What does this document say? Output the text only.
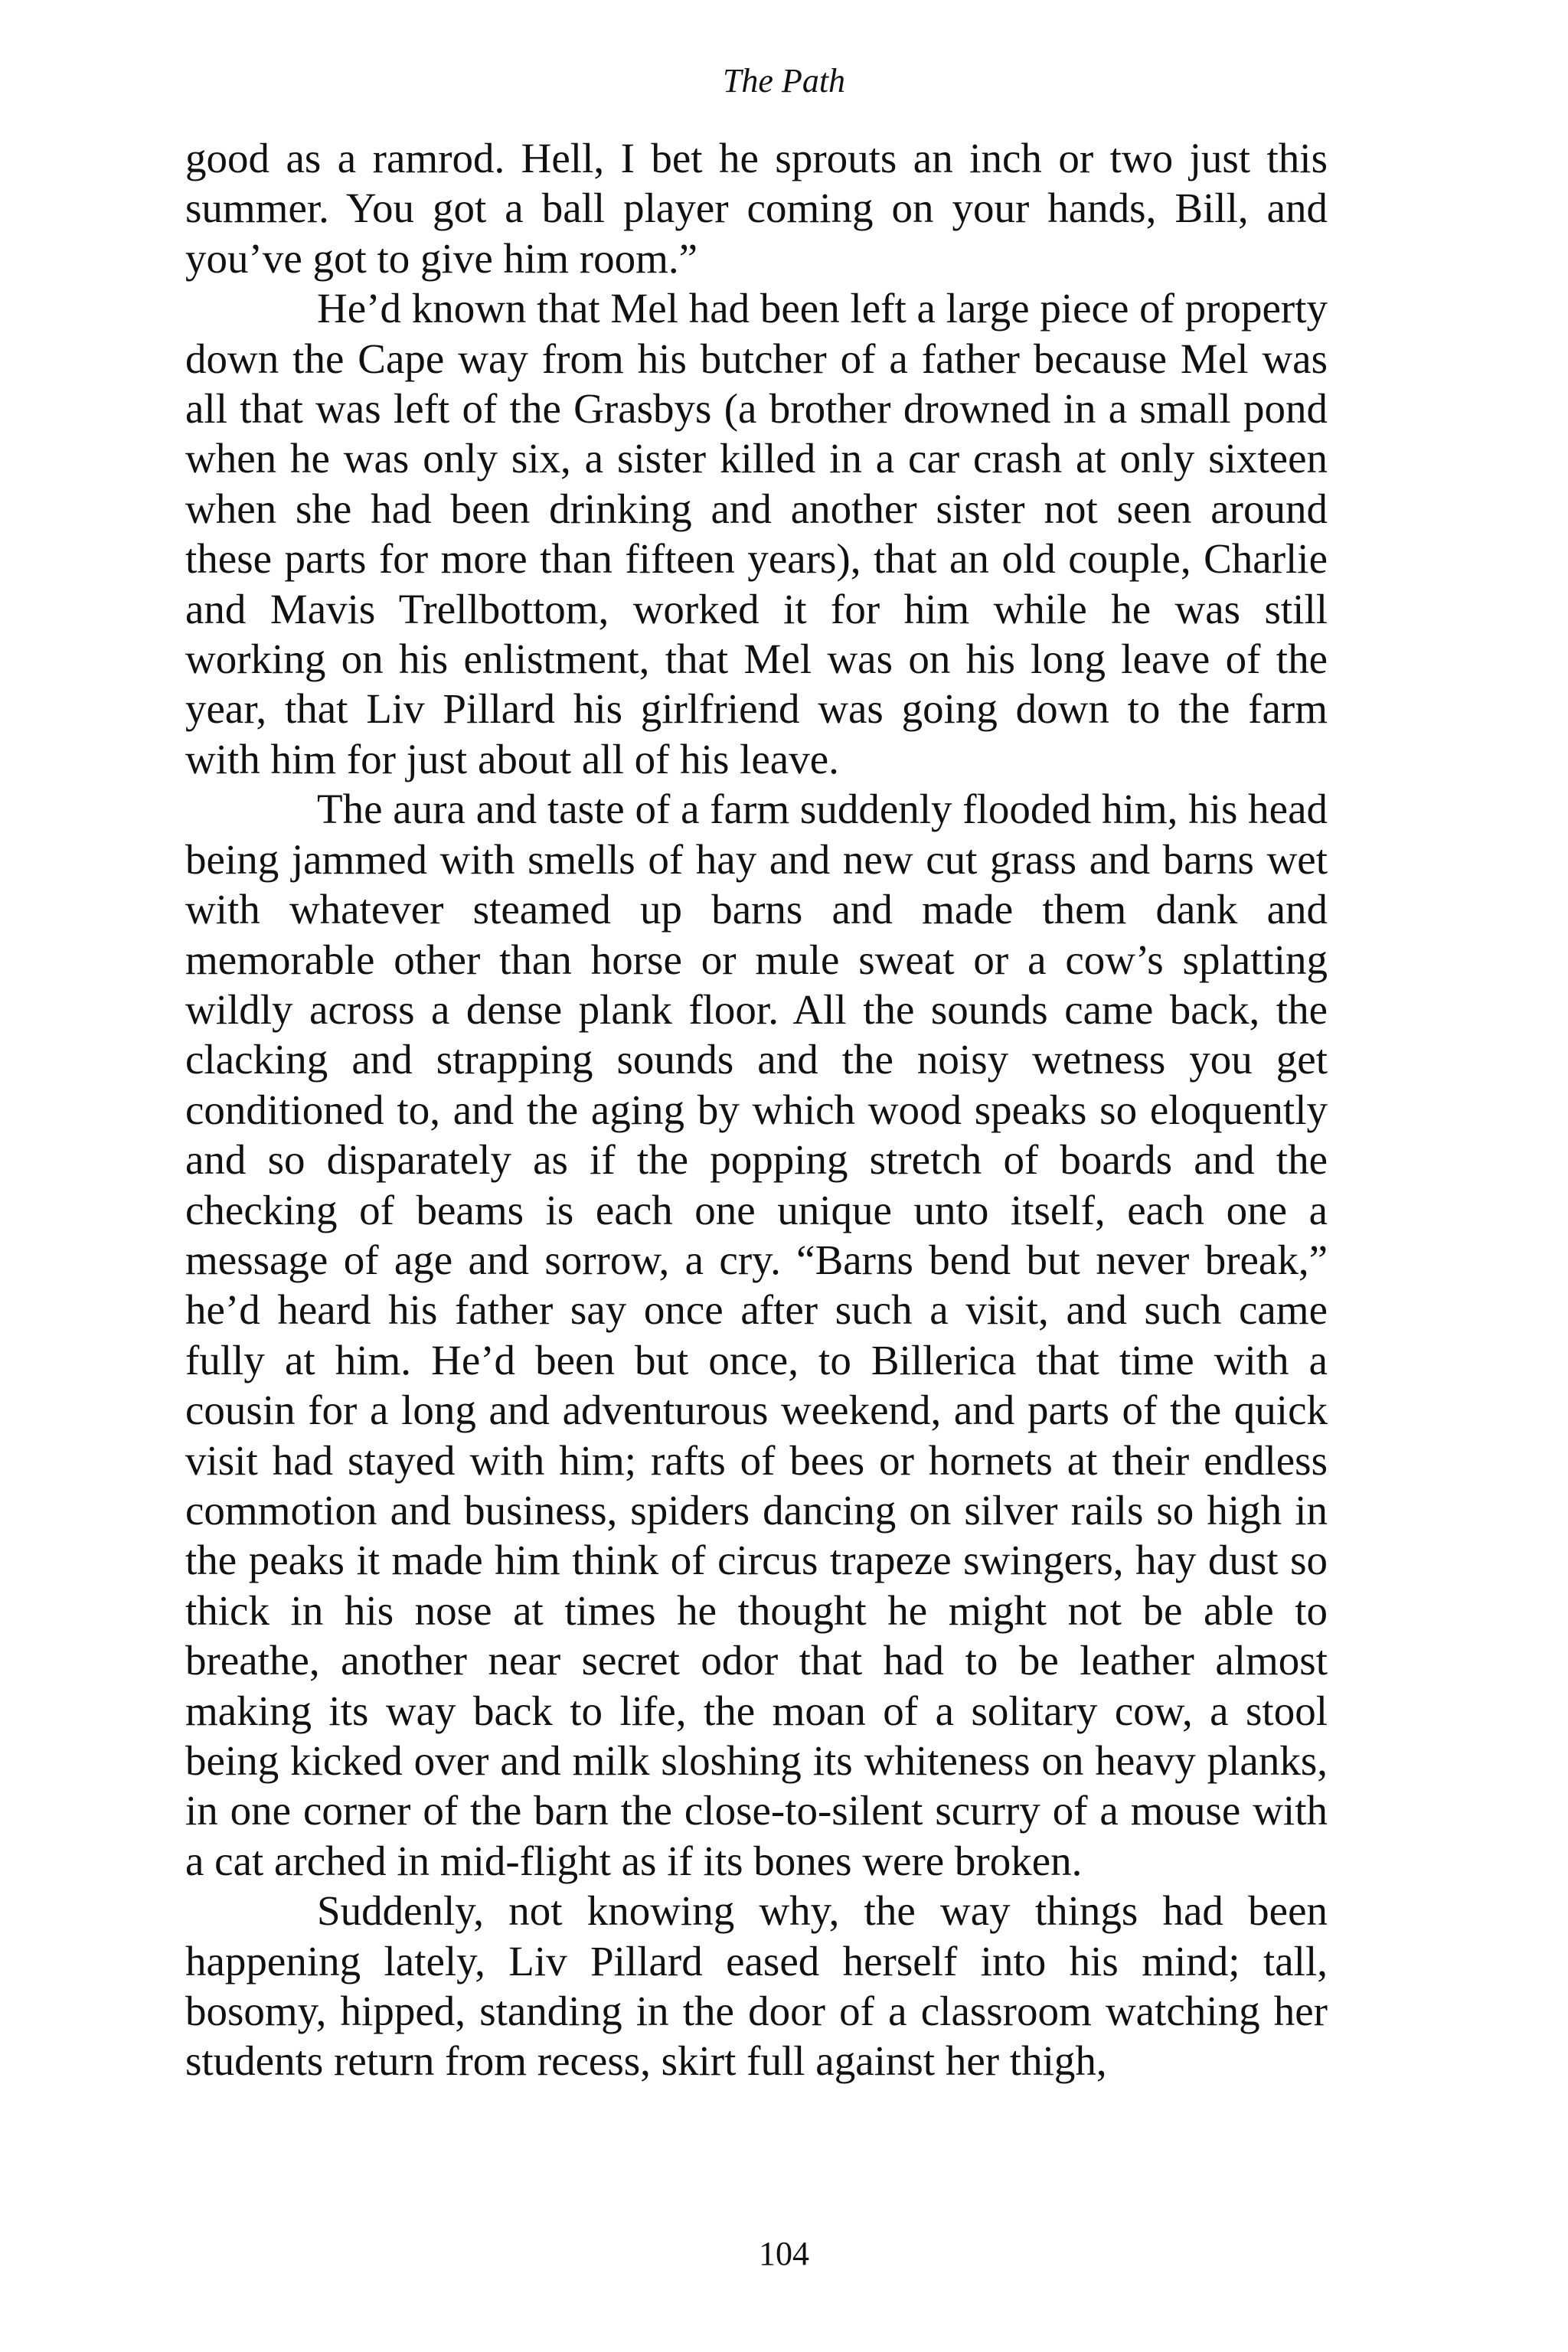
The Path

good as a ramrod. Hell, I bet he sprouts an inch or two just this summer. You got a ball player coming on your hands, Bill, and you’ve got to give him room.”

He’d known that Mel had been left a large piece of property down the Cape way from his butcher of a father because Mel was all that was left of the Grasbys (a brother drowned in a small pond when he was only six, a sister killed in a car crash at only sixteen when she had been drinking and another sister not seen around these parts for more than fifteen years), that an old couple, Charlie and Mavis Trellbottom, worked it for him while he was still working on his enlistment, that Mel was on his long leave of the year, that Liv Pillard his girlfriend was going down to the farm with him for just about all of his leave.

The aura and taste of a farm suddenly flooded him, his head being jammed with smells of hay and new cut grass and barns wet with whatever steamed up barns and made them dank and memorable other than horse or mule sweat or a cow’s splatting wildly across a dense plank floor. All the sounds came back, the clacking and strapping sounds and the noisy wetness you get conditioned to, and the aging by which wood speaks so eloquently and so disparately as if the popping stretch of boards and the checking of beams is each one unique unto itself, each one a message of age and sorrow, a cry. “Barns bend but never break,” he’d heard his father say once after such a visit, and such came fully at him. He’d been but once, to Billerica that time with a cousin for a long and adventurous weekend, and parts of the quick visit had stayed with him; rafts of bees or hornets at their endless commotion and business, spiders dancing on silver rails so high in the peaks it made him think of circus trapeze swingers, hay dust so thick in his nose at times he thought he might not be able to breathe, another near secret odor that had to be leather almost making its way back to life, the moan of a solitary cow, a stool being kicked over and milk sloshing its whiteness on heavy planks, in one corner of the barn the close-to-silent scurry of a mouse with a cat arched in mid-flight as if its bones were broken.

Suddenly, not knowing why, the way things had been happening lately, Liv Pillard eased herself into his mind; tall, bosomy, hipped, standing in the door of a classroom watching her students return from recess, skirt full against her thigh,

104
